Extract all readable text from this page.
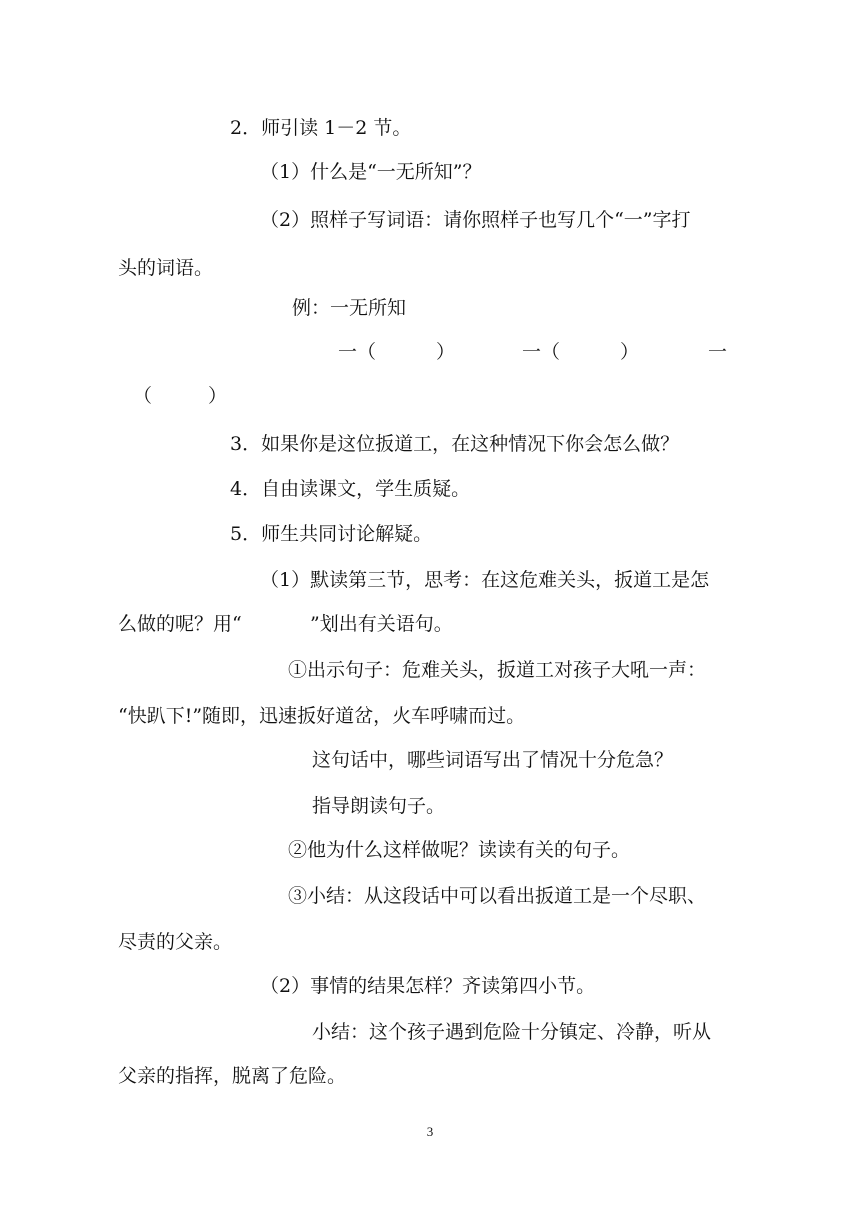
2．师引读 1－2 节。

（1）什么是“一无所知”？

（2）照样子写词语：请你照样子也写几个“一”字打

头的词语。

例：一无所知

一（	）	一（	）	一

（	）

3．如果你是这位扳道工，在这种情况下你会怎么做？

4．自由读课文，学生质疑。

5．师生共同讨论解疑。

（1）默读第三节，思考：在这危难关头，扳道工是怎

么做的呢？用“	”划出有关语句。

①出示句子：危难关头，扳道工对孩子大吼一声：

“快趴下!”随即，迅速扳好道岔，火车呼啸而过。

这句话中，哪些词语写出了情况十分危急？

指导朗读句子。

②他为什么这样做呢？读读有关的句子。

③小结：从这段话中可以看出扳道工是一个尽职、

尽责的父亲。

（2）事情的结果怎样？齐读第四小节。

小结：这个孩子遇到危险十分镇定、冷静，听从

父亲的指挥，脱离了危险。

3
